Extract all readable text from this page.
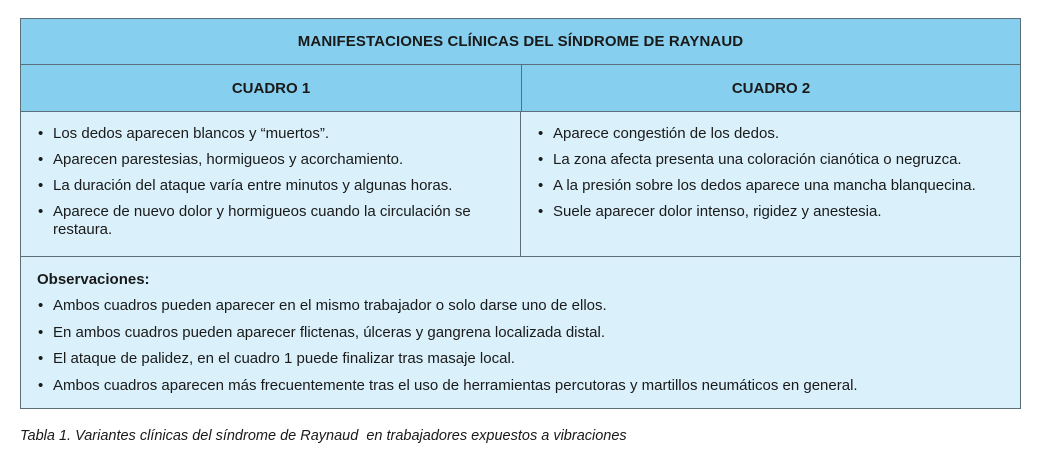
MANIFESTACIONES CLÍNICAS DEL SÍNDROME DE RAYNAUD
CUADRO 1	CUADRO 2
• Los dedos aparecen blancos y “muertos”.
• Aparecen parestesias, hormigueos y acorchamiento.
• La duración del ataque varía entre minutos y algunas horas.
• Aparece de nuevo dolor y hormigueos cuando la circulación se restaura.
• Aparece congestión de los dedos.
• La zona afecta presenta una coloración cianótica o negruzca.
• A la presión sobre los dedos aparece una mancha blanquecina.
• Suele aparecer dolor intenso, rigidez y anestesia.
Observaciones:
• Ambos cuadros pueden aparecer en el mismo trabajador o solo darse uno de ellos.
• En ambos cuadros pueden aparecer flictenas, úlceras y gangrena localizada distal.
• El ataque de palidez, en el cuadro 1 puede finalizar tras masaje local.
• Ambos cuadros aparecen más frecuentemente tras el uso de herramientas percutoras y martillos neumáticos en general.
Tabla 1. Variantes clínicas del síndrome de Raynaud  en trabajadores expuestos a vibraciones
